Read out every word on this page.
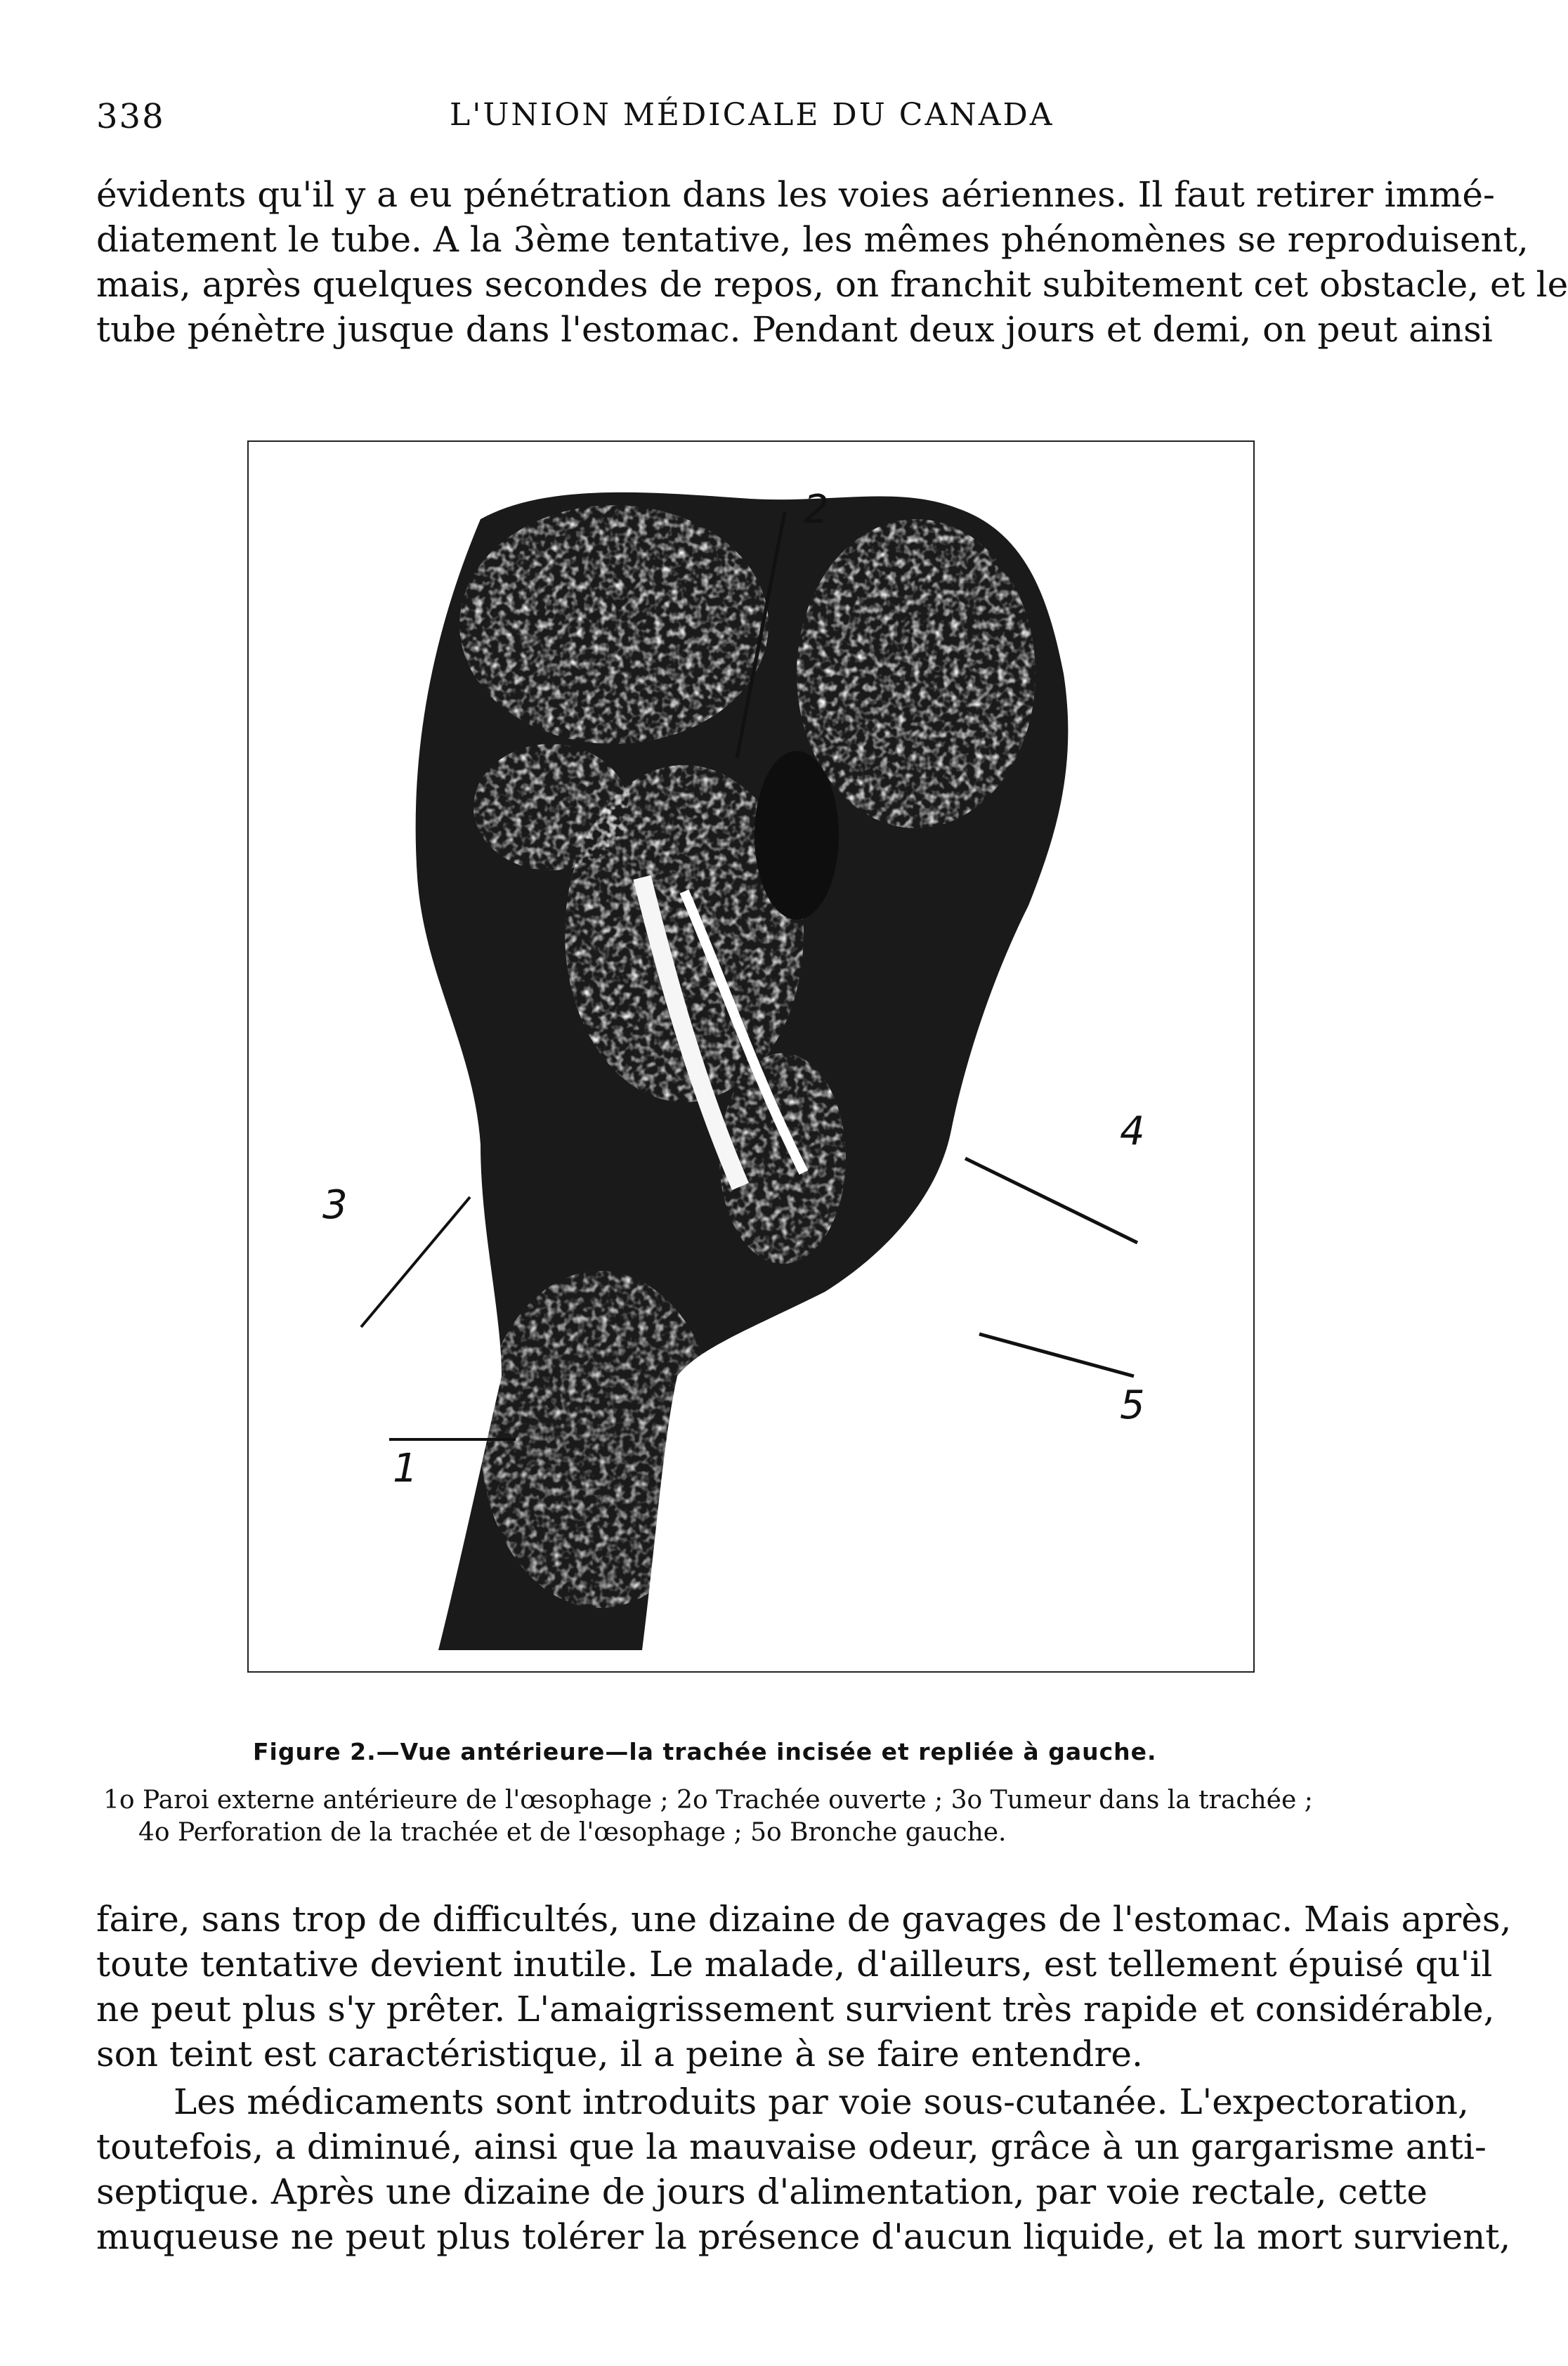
338	L'UNION MÉDICALE DU CANADA
évidents qu'il y a eu pénétration dans les voies aériennes. Il faut retirer immé-
diatement le tube. A la 3ème tentative, les mêmes phénomènes se reproduisent,
mais, après quelques secondes de repos, on franchit subitement cet obstacle, et le
tube pénètre jusque dans l'estomac. Pendant deux jours et demi, on peut ainsi
2
3
4
5
1
Figure 2.—Vue antérieure—la trachée incisée et repliée à gauche.
1o Paroi externe antérieure de l'œsophage ; 2o Trachée ouverte ; 3o Tumeur dans la trachée ;
4o Perforation de la trachée et de l'œsophage ; 5o Bronche gauche.
faire, sans trop de difficultés, une dizaine de gavages de l'estomac. Mais après,
toute tentative devient inutile. Le malade, d'ailleurs, est tellement épuisé qu'il
ne peut plus s'y prêter. L'amaigrissement survient très rapide et considérable,
son teint est caractéristique, il a peine à se faire entendre.
Les médicaments sont introduits par voie sous-cutanée. L'expectoration,
toutefois, a diminué, ainsi que la mauvaise odeur, grâce à un gargarisme anti-
septique. Après une dizaine de jours d'alimentation, par voie rectale, cette
muqueuse ne peut plus tolérer la présence d'aucun liquide, et la mort survient,
